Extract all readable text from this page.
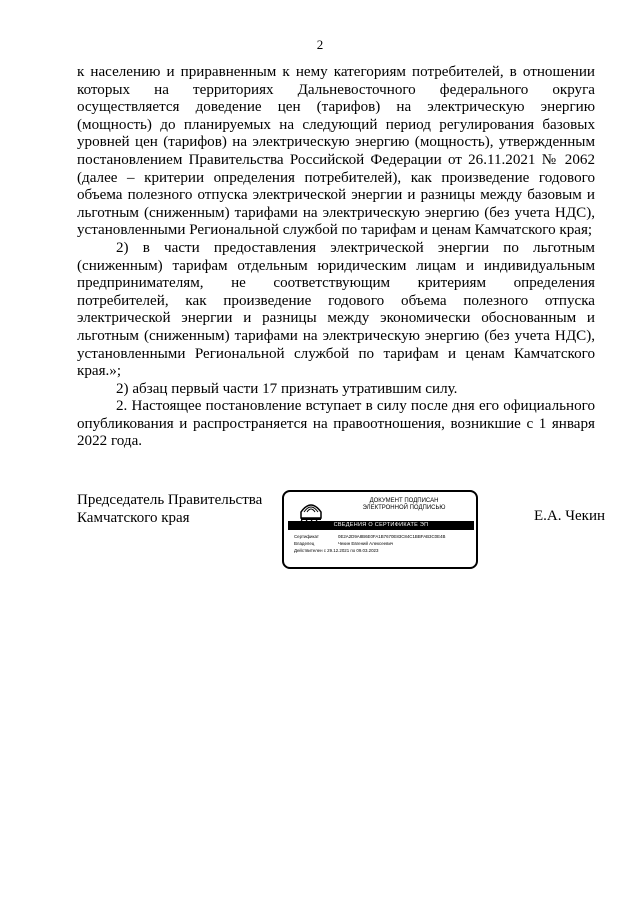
2

к населению и приравненным к нему категориям потребителей, в отношении которых на территориях Дальневосточного федерального округа осуществляется доведение цен (тарифов) на электрическую энергию (мощность) до планируемых на следующий период регулирования базовых уровней цен (тарифов) на электрическую энергию (мощность), утвержденным постановлением Правительства Российской Федерации от 26.11.2021 № 2062 (далее – критерии определения потребителей), как произведение годового объема полезного отпуска электрической энергии и разницы между базовым и льготным (сниженным) тарифами на электрическую энергию (без учета НДС), установленными Региональной службой по тарифам и ценам Камчатского края;

2) в части предоставления электрической энергии по льготным (сниженным) тарифам отдельным юридическим лицам и индивидуальным предпринимателям, не соответствующим критериям определения потребителей, как произведение годового объема полезного отпуска электрической энергии и разницы между экономически обоснованным и льготным (сниженным) тарифами на электрическую энергию (без учета НДС), установленными Региональной службой по тарифам и ценам Камчатского края.»;

2) абзац первый части 17 признать утратившим силу.

2. Настоящее постановление вступает в силу после дня его официального опубликования и распространяется на правоотношения, возникшие с 1 января 2022 года.

Председатель Правительства
Камчатского края
ДОКУМЕНТ ПОДПИСАН
ЭЛЕКТРОННОЙ ПОДПИСЬЮ
СВЕДЕНИЯ О СЕРТИФИКАТЕ ЭП
Сертификат	0E2A2D9A8B6E0FA1B7670E83C84C1BBFAB3C0E4B
Владелец	Чекин Евгений Алексеевич
Действителен с 29.12.2021 по 09.03.2023
Е.А. Чекин
